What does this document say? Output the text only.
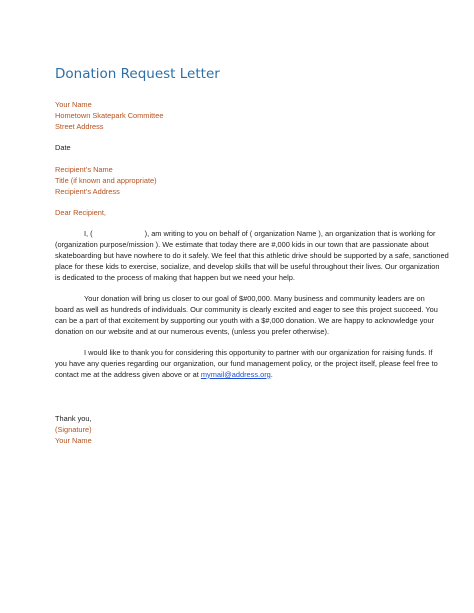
Donation Request Letter
Your Name
Hometown Skatepark Committee
Street Address
Date
Recipient’s Name
Title (if known and appropriate)
Recipient’s Address
Dear Recipient,
I, (	), am writing to you on behalf of ( organization Name ), an organization that is working for
(organization purpose/mission ). We estimate that today there are #,000 kids in our town that are passionate about
skateboarding but have nowhere to do it safely. We feel that this athletic drive should be supported by a safe, sanctioned
place for these kids to exercise, socialize, and develop skills that will be useful throughout their lives. Our organization
is dedicated to the process of making that happen but we need your help.
Your donation will bring us closer to our goal of $#00,000. Many business and community leaders are on
board as well as hundreds of individuals. Our community is clearly excited and eager to see this project succeed. You
can be a part of that excitement by supporting our youth with a $#,000 donation. We are happy to acknowledge your
donation on our website and at our numerous events, (unless you prefer otherwise).
I would like to thank you for considering this opportunity to partner with our organization for raising funds. If
you have any queries regarding our organization, our fund management policy, or the project itself, please feel free to
contact me at the address given above or at mymail@address.org.
Thank you,
(Signature)
Your Name
